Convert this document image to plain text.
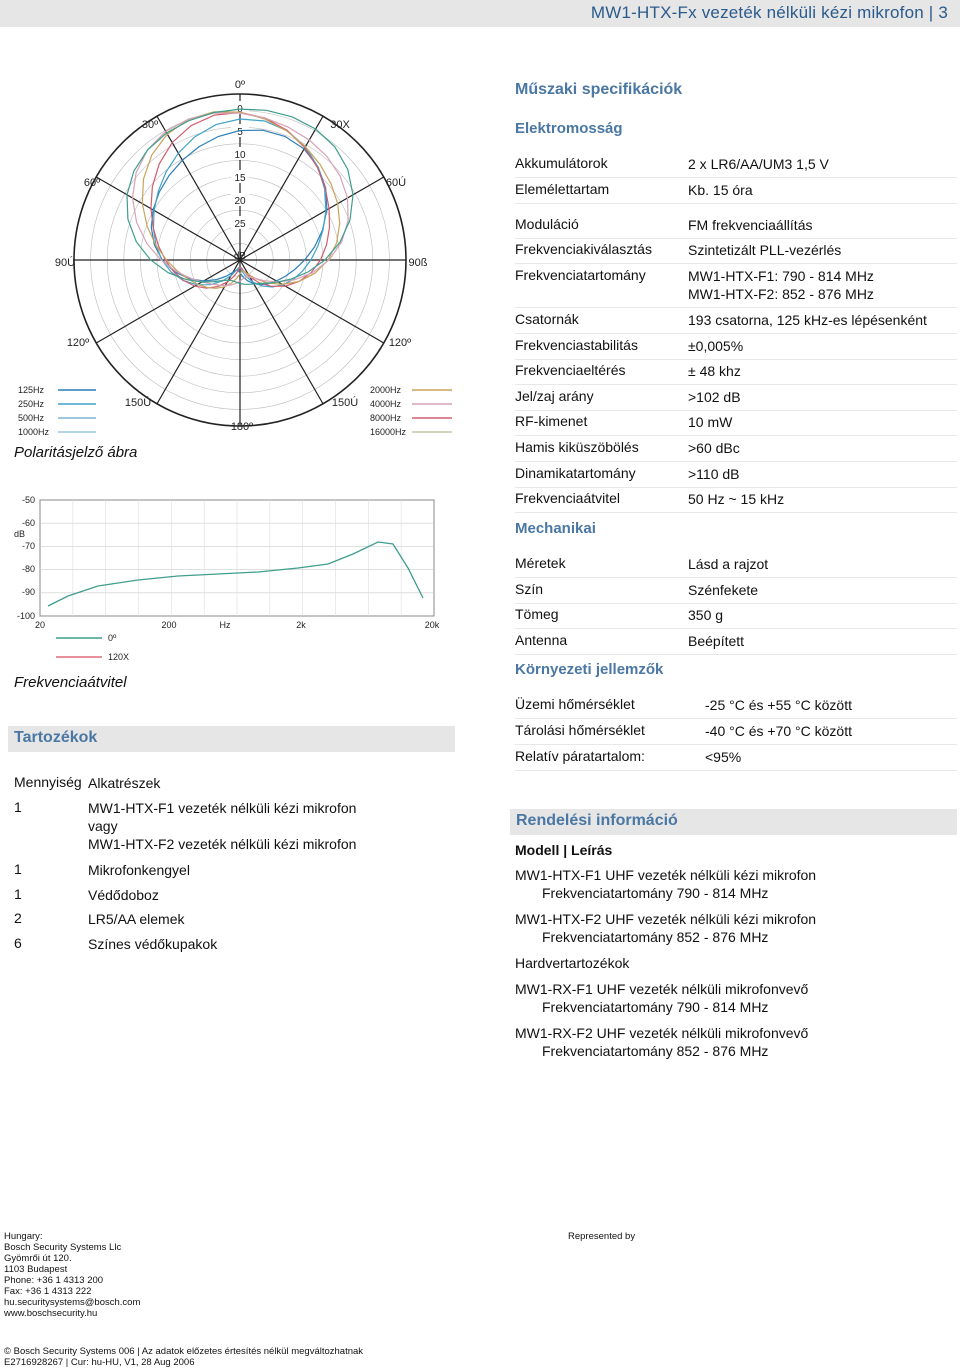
MW1-HTX-Fx vezeték nélküli kézi mikrofon | 3
0
5
10
15
20
25
dB
0º
30º	30X
60º	60Ú
90Ú	90ß
120º	120º
150Ú	150Ú
180º
125Hz
250Hz
500Hz
1000Hz
2000Hz
4000Hz
8000Hz
16000Hz
Polaritásjelző ábra
-50
-60
-70
-80
-90
-100
dB
20	200	Hz	2k	20k
0º
120X
Frekvenciaátvitel
Tartozékok
Mennyiség Alkatrészek
1	MW1-HTX-F1 vezeték nélküli kézi mikrofon
vagy
MW1-HTX-F2 vezeték nélküli kézi mikrofon
1	Mikrofonkengyel
1	Védődoboz
2	LR5/AA elemek
6	Színes védőkupakok
Műszaki specifikációk
Elektromosság
Akkumulátorok	2 x LR6/AA/UM3 1,5 V
Elemélettartam	Kb. 15 óra
Moduláció	FM frekvenciaállítás
Frekvenciakiválasztás	Szintetizált PLL-vezérlés
Frekvenciatartomány	MW1-HTX-F1: 790 - 814 MHz
MW1-HTX-F2: 852 - 876 MHz
Csatornák	193 csatorna, 125 kHz-es lépésenként
Frekvenciastabilitás	±0,005%
Frekvenciaeltérés	± 48 khz
Jel/zaj arány	>102 dB
RF-kimenet	10 mW
Hamis kiküszöbölés	>60 dBc
Dinamikatartomány	>110 dB
Frekvenciaátvitel	50 Hz ~ 15 kHz
Mechanikai
Méretek	Lásd a rajzot
Szín	Szénfekete
Tömeg	350 g
Antenna	Beépített
Környezeti jellemzők
Üzemi hőmérséklet	-25 °C és +55 °C között
Tárolási hőmérséklet	-40 °C és +70 °C között
Relatív páratartalom:	<95%
Rendelési információ
Modell | Leírás
MW1-HTX-F1 UHF vezeték nélküli kézi mikrofon
Frekvenciatartomány 790 - 814 MHz
MW1-HTX-F2 UHF vezeték nélküli kézi mikrofon
Frekvenciatartomány 852 - 876 MHz
Hardvertartozékok
MW1-RX-F1 UHF vezeték nélküli mikrofonvevő
Frekvenciatartomány 790 - 814 MHz
MW1-RX-F2 UHF vezeték nélküli mikrofonvevő
Frekvenciatartomány 852 - 876 MHz
Hungary:
Bosch Security Systems Llc
Gyömrői út 120.
1103 Budapest
Phone: +36 1 4313 200
Fax: +36 1 4313 222
hu.securitysystems@bosch.com
www.boschsecurity.hu
Represented by
© Bosch Security Systems 006 | Az adatok előzetes értesítés nélkül megváltozhatnak
E2716928267 | Cur: hu-HU, V1, 28 Aug 2006
